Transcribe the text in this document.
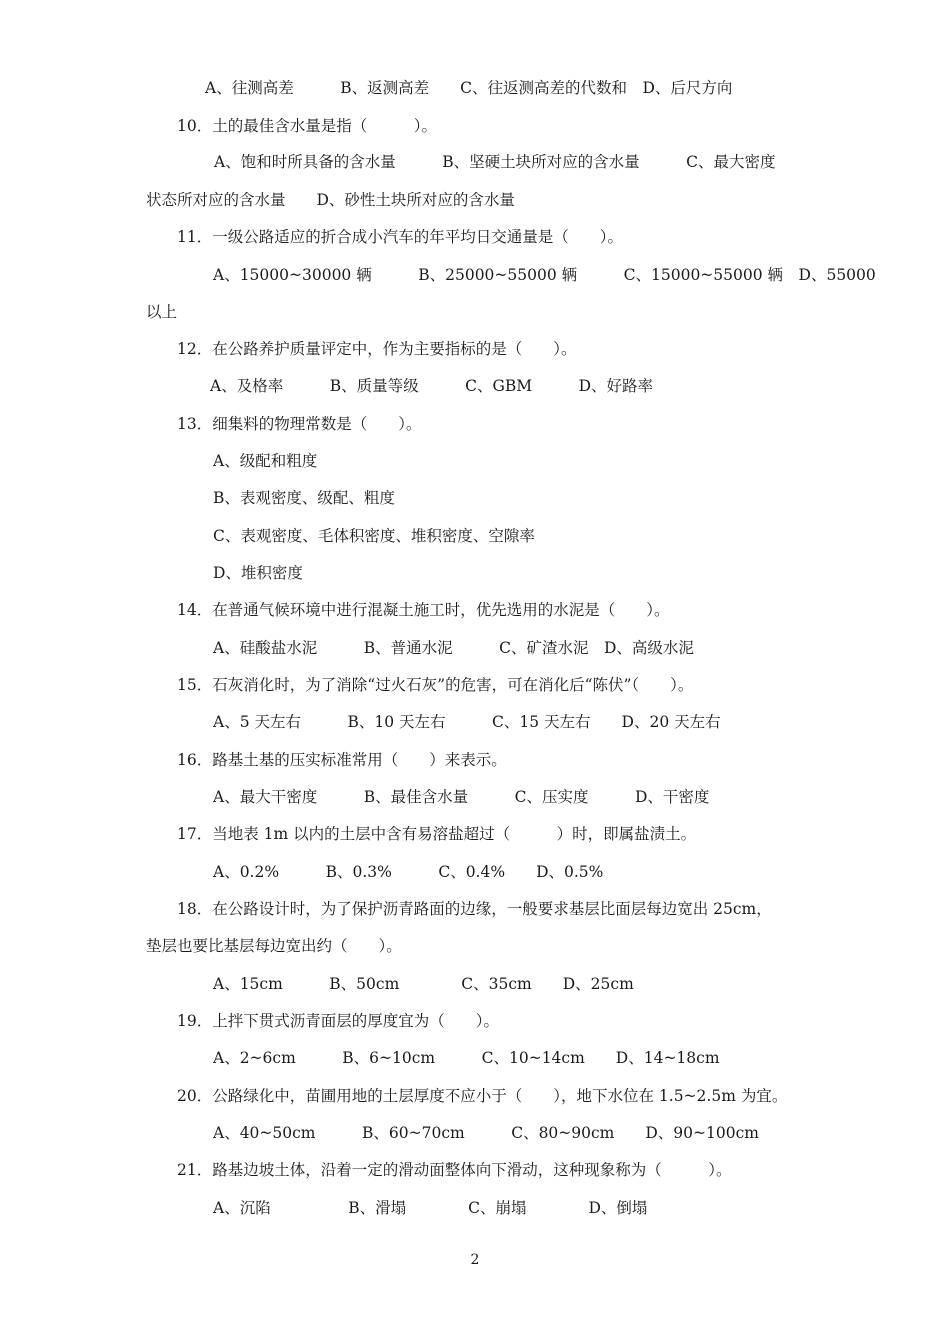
A、往测高差　　　B、返测高差　　C、往返测高差的代数和　D、后尺方向
10．土的最佳含水量是指（　　　）。
A、饱和时所具备的含水量　　　B、坚硬土块所对应的含水量　　　C、最大密度
状态所对应的含水量　　D、砂性土块所对应的含水量
11．一级公路适应的折合成小汽车的年平均日交通量是（　　）。
A、15000~30000 辆　　　B、25000~55000 辆　　　C、15000~55000 辆　D、55000
以上
12．在公路养护质量评定中，作为主要指标的是（　　）。
A、及格率　　　B、质量等级　　　C、GBM　　　D、好路率
13．细集料的物理常数是（　　）。
A、级配和粗度
B、表观密度、级配、粗度
C、表观密度、毛体积密度、堆积密度、空隙率
D、堆积密度
14．在普通气候环境中进行混凝土施工时，优先选用的水泥是（　　）。
A、硅酸盐水泥　　　B、普通水泥　　　C、矿渣水泥　D、高级水泥
15．石灰消化时，为了消除“过火石灰”的危害，可在消化后“陈伏”（　　）。
A、5 天左右　　　B、10 天左右　　　C、15 天左右　　D、20 天左右
16．路基土基的压实标准常用（　　）来表示。
A、最大干密度　　　B、最佳含水量　　　C、压实度　　　D、干密度
17．当地表 1m 以内的土层中含有易溶盐超过（　　　）时，即属盐渍土。
A、0.2%　　　B、0.3%　　　C、0.4%　　D、0.5%
18．在公路设计时，为了保护沥青路面的边缘，一般要求基层比面层每边宽出 25cm，
垫层也要比基层每边宽出约（　　）。
A、15cm　　　B、50cm　　　　C、35cm　　D、25cm
19．上拌下贯式沥青面层的厚度宜为（　　）。
A、2~6cm　　　B、6~10cm　　　C、10~14cm　　D、14~18cm
20．公路绿化中，苗圃用地的土层厚度不应小于（　　），地下水位在 1.5~2.5m 为宜。
A、40~50cm　　　B、60~70cm　　　C、80~90cm　　D、90~100cm
21．路基边坡土体，沿着一定的滑动面整体向下滑动，这种现象称为（　　　）。
A、沉陷　　　　　B、滑塌　　　　C、崩塌　　　　D、倒塌
2
